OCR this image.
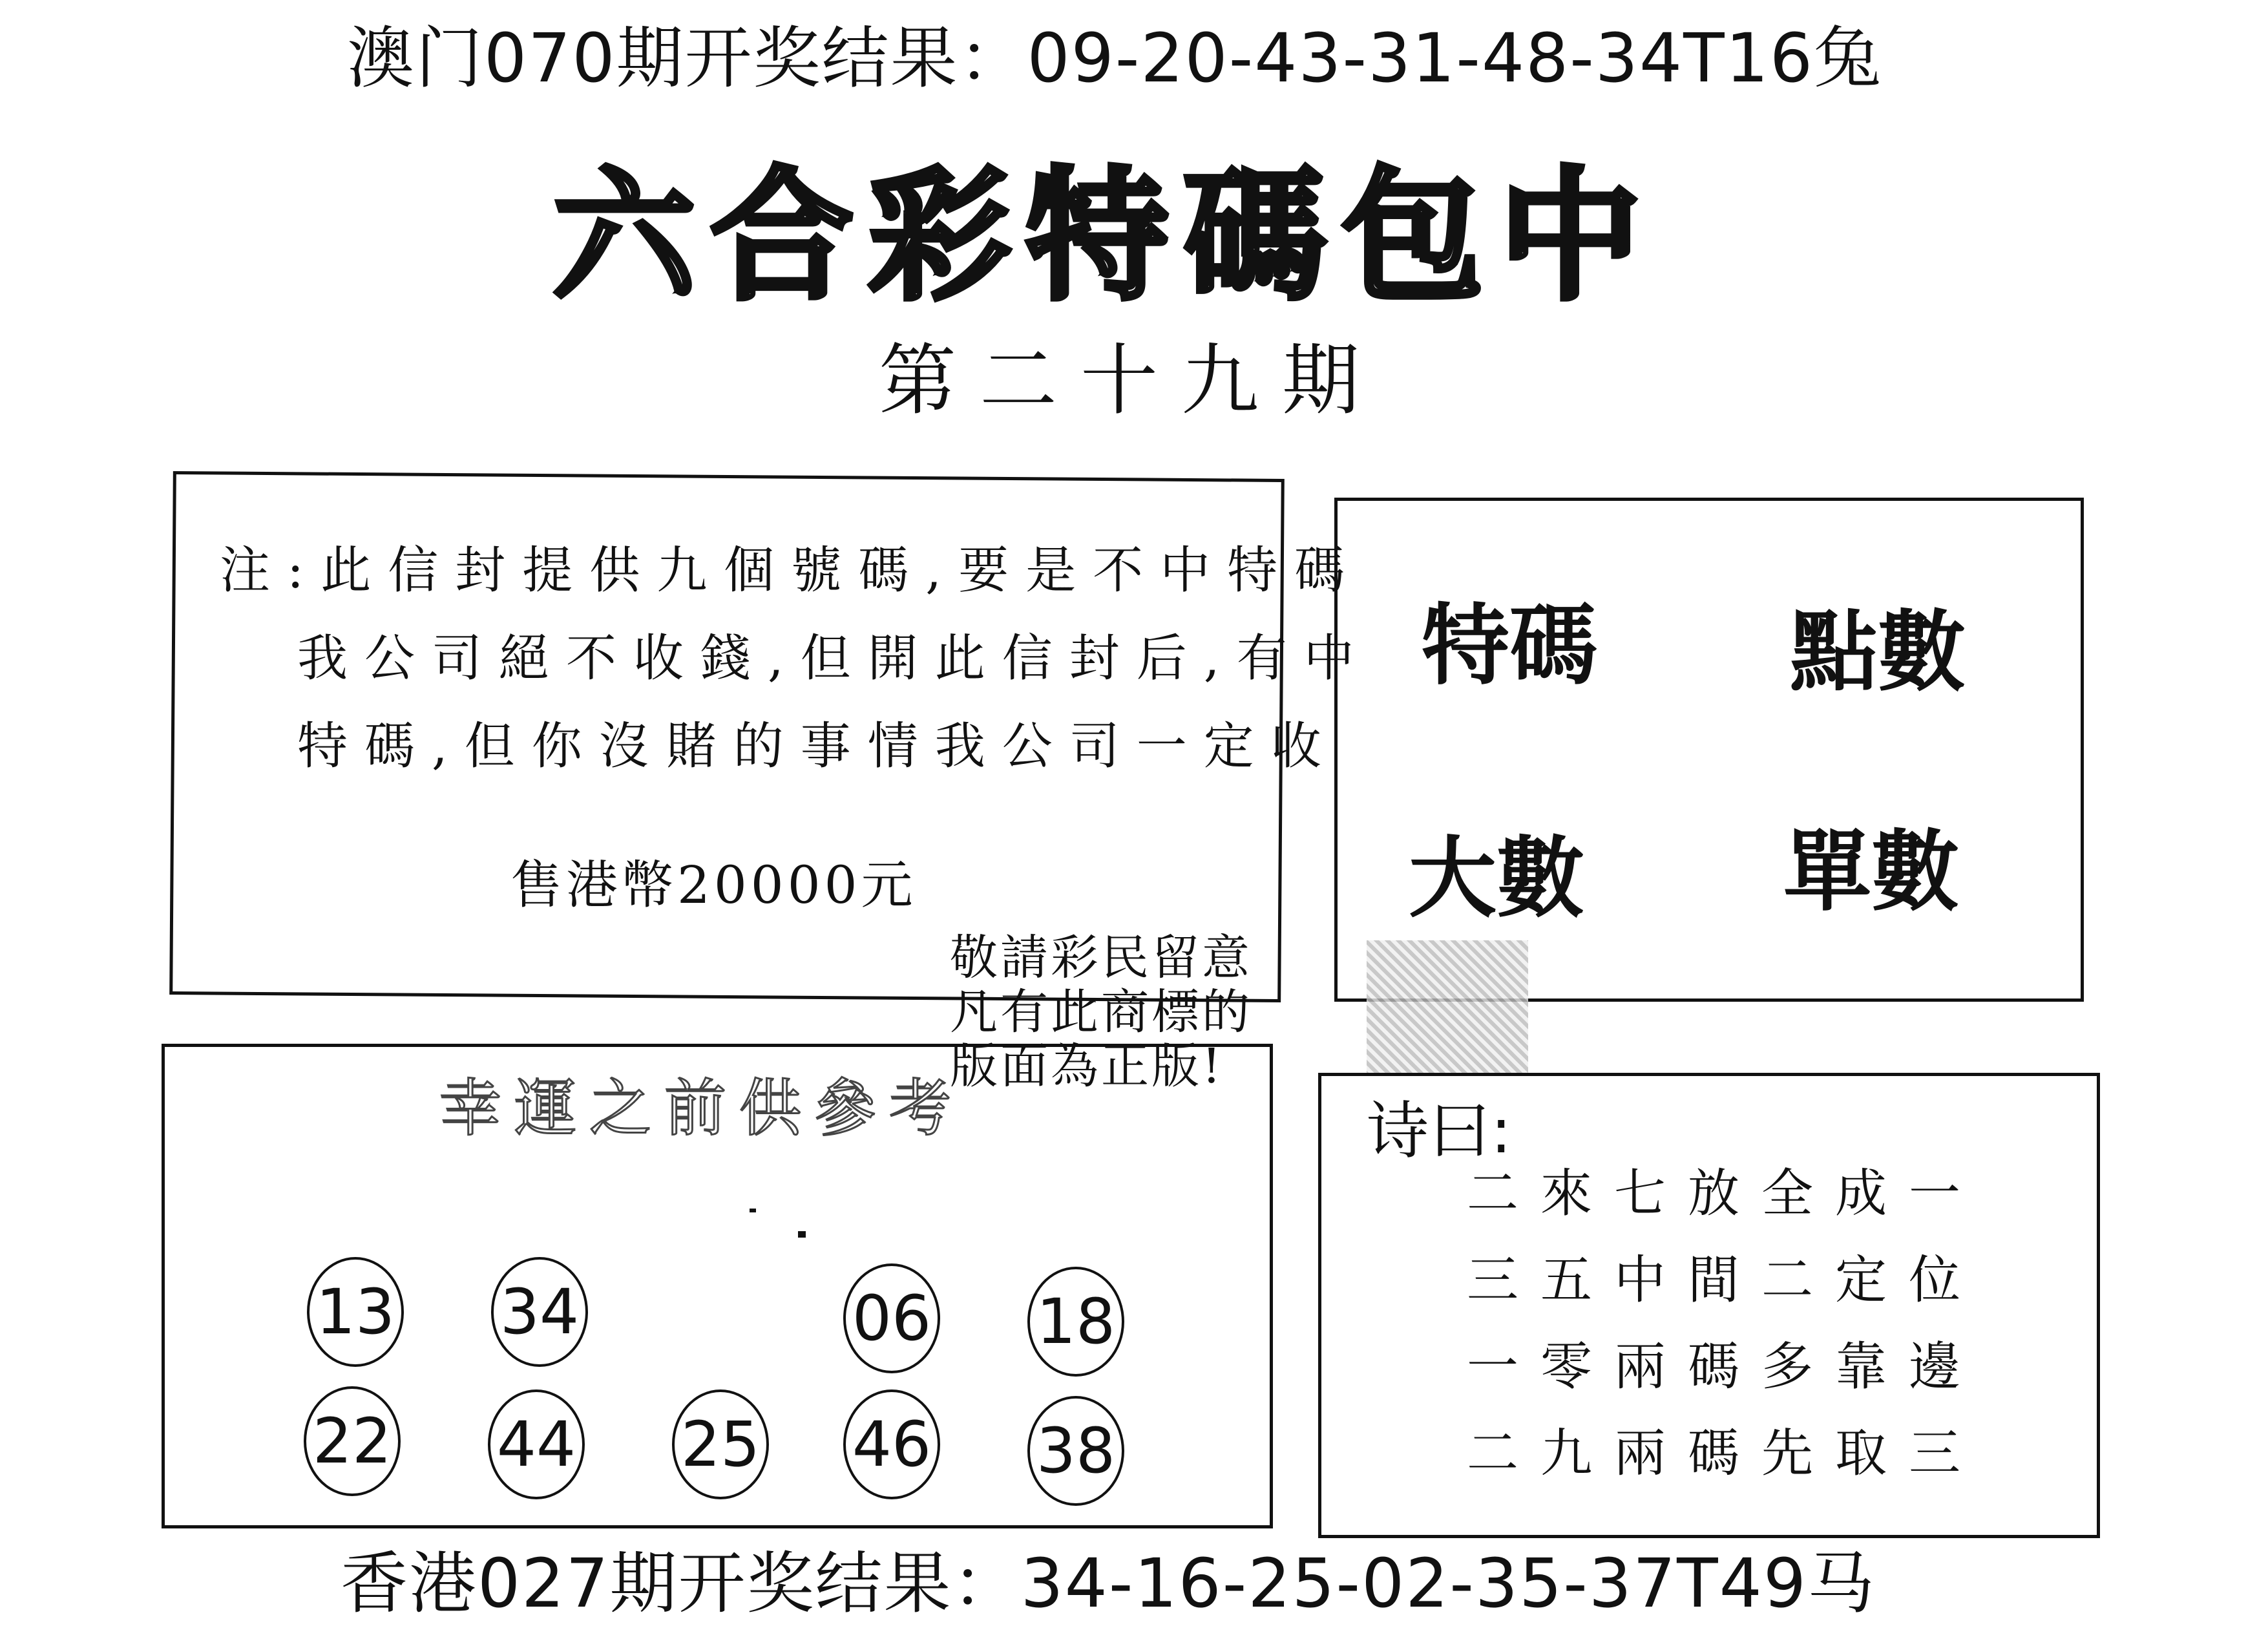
澳门070期开奖结果：09-20-43-31-48-34T16兔
六合彩特碼包中
第二十九期
注:此信封提供九個號碼,要是不中特碼
我公司絕不收錢,但開此信封后,有中
特碼,但你沒賭的事情我公司一定收
售港幣20000元
特碼 點數
大數 單數
敬請彩民留意
凡有此商標的
版面為正版!
幸運之前供參考
13 34	06 18
22 44 25 46 38
诗曰:
二來七放全成一
三五中間二定位
一零兩碼多靠邊
二九兩碼先取三
香港027期开奖结果：34-16-25-02-35-37T49马
